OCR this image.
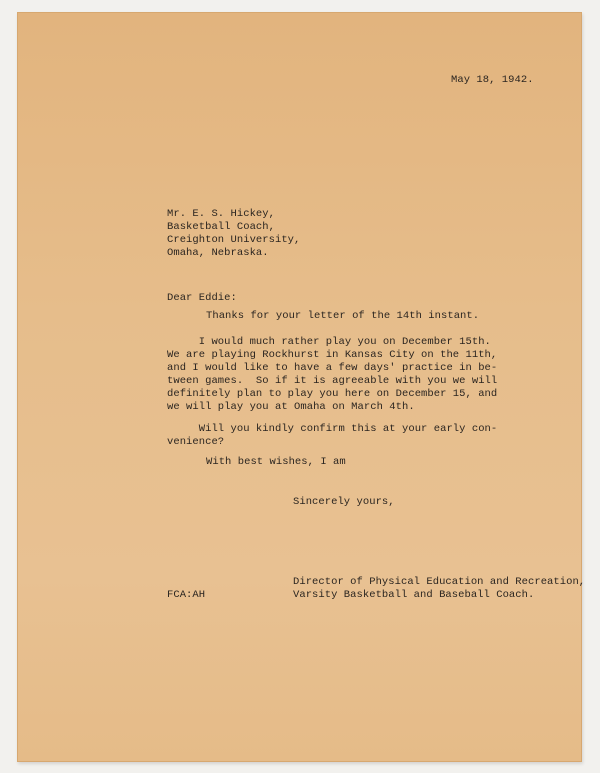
May 18, 1942.
Mr. E. S. Hickey,
Basketball Coach,
Creighton University,
Omaha, Nebraska.
Dear Eddie:
Thanks for your letter of the 14th instant.
I would much rather play you on December 15th.
We are playing Rockhurst in Kansas City on the 11th,
and I would like to have a few days' practice in be-
tween games.  So if it is agreeable with you we will
definitely plan to play you here on December 15, and
we will play you at Omaha on March 4th.
Will you kindly confirm this at your early con-
venience?
With best wishes, I am
Sincerely yours,
Director of Physical Education and Recreation,
Varsity Basketball and Baseball Coach.
FCA:AH
